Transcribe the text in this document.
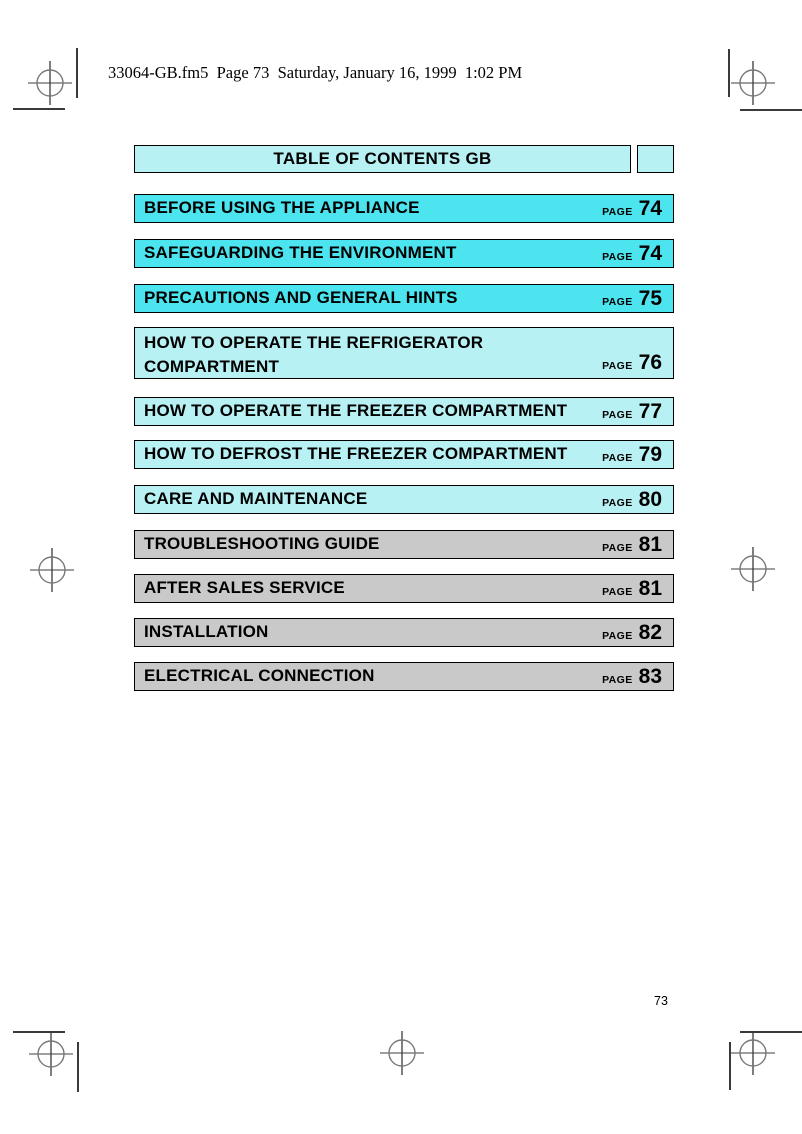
33064-GB.fm5  Page 73  Saturday, January 16, 1999  1:02 PM
TABLE OF CONTENTS GB
BEFORE USING THE APPLIANCE	PAGE 74
SAFEGUARDING THE ENVIRONMENT	PAGE 74
PRECAUTIONS AND GENERAL HINTS	PAGE 75
HOW TO OPERATE THE REFRIGERATOR COMPARTMENT	PAGE 76
HOW TO OPERATE THE FREEZER COMPARTMENT	PAGE 77
HOW TO DEFROST THE FREEZER COMPARTMENT	PAGE 79
CARE AND MAINTENANCE	PAGE 80
TROUBLESHOOTING GUIDE	PAGE 81
AFTER SALES SERVICE	PAGE 81
INSTALLATION	PAGE 82
ELECTRICAL CONNECTION	PAGE 83
73
